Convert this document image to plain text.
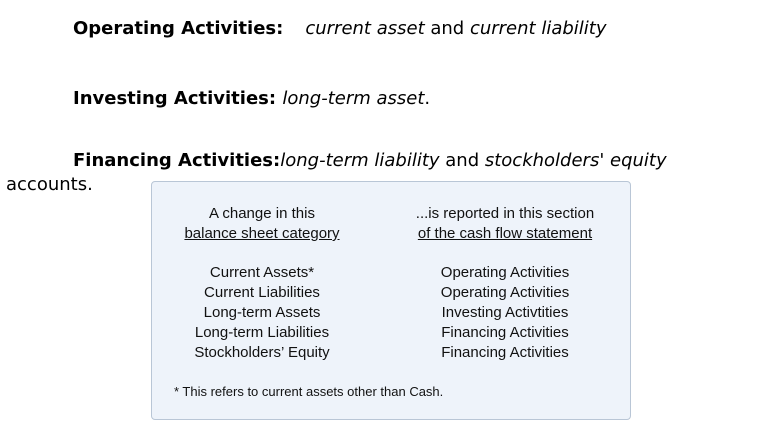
Operating Activities: current asset and current liability
Investing Activities: long-term asset.
Financing Activities:long-term liability and stockholders' equity
accounts.
A change in this
balance sheet category
...is reported in this section
of the cash flow statement
Current Assets*
Current Liabilities
Long-term Assets
Long-term Liabilities
Stockholders’ Equity
Operating Activities
Operating Activities
Investing Activtities
Financing Activities
Financing Activities
* This refers to current assets other than Cash.
